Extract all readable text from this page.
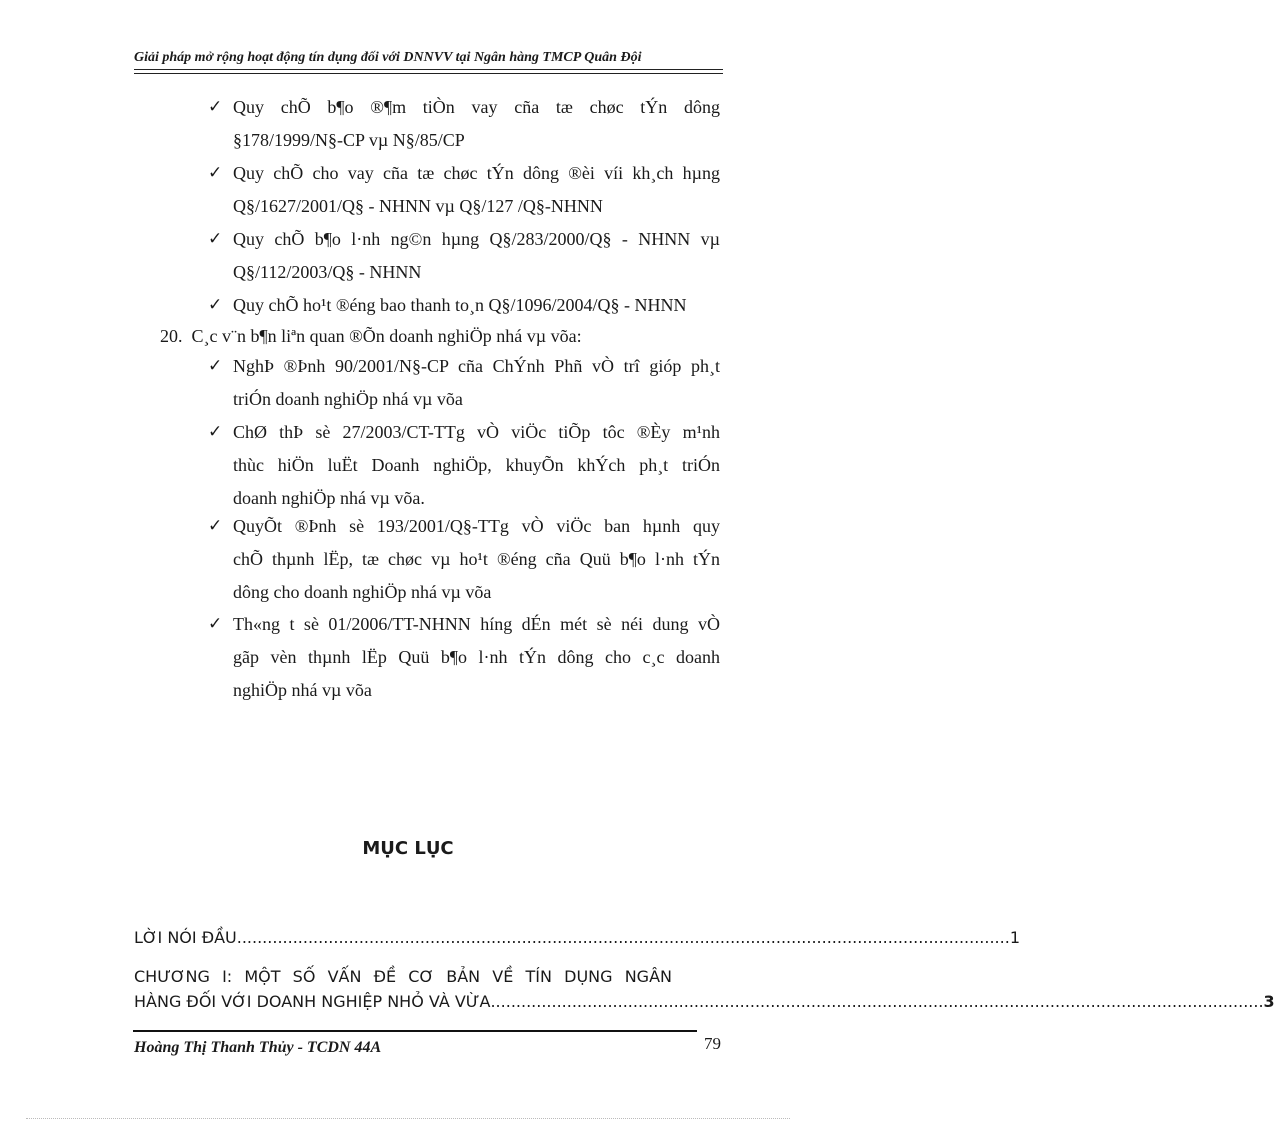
Giải pháp mở rộng hoạt động tín dụng đối với DNNVV tại Ngân hàng TMCP Quân Đội
✓ Quy chÕ b¶o ®¶m tiÒn vay cña tæ chøc tÝn dông
§178/1999/N§-CP vµ N§/85/CP
✓ Quy chÕ cho vay cña tæ chøc tÝn dông ®èi víi kh¸ch hµng
Q§/1627/2001/Q§ - NHNN vµ Q§/127 /Q§-NHNN
✓ Quy chÕ b¶o l·nh ng©n hµng Q§/283/2000/Q§ - NHNN vµ
Q§/112/2003/Q§ - NHNN
✓ Quy chÕ ho¹t ®éng bao thanh to¸n Q§/1096/2004/Q§ - NHNN
20. C¸c v¨n b¶n liªn quan ®Õn doanh nghiÖp nhá vµ võa:
✓ NghÞ ®Þnh 90/2001/N§-CP cña ChÝnh Phñ vÒ trî gióp ph¸t
triÓn doanh nghiÖp nhá vµ võa
✓ ChØ thÞ sè 27/2003/CT-TTg vÒ viÖc tiÕp tôc ®Èy m¹nh
thùc hiÖn luËt Doanh nghiÖp, khuyÕn khÝch ph¸t triÓn
doanh nghiÖp nhá vµ võa.
✓ QuyÕt ®Þnh sè 193/2001/Q§-TTg vÒ viÖc ban hµnh quy
chÕ thµnh lËp, tæ chøc vµ ho¹t ®éng cña Quü b¶o l·nh tÝn
dông cho doanh nghiÖp nhá vµ võa
✓ Th«ng t sè 01/2006/TT-NHNN híng dÉn mét sè néi dung vÒ
gãp vèn thµnh lËp Quü b¶o l·nh tÝn dông cho c¸c doanh
nghiÖp nhá vµ võa
MỤC LỤC
LỜI NÓI ĐẦU ........................................................................................................................................................ 1
CHƯƠNG I: MỘT SỐ VẤN ĐỀ CƠ BẢN VỀ TÍN DỤNG NGÂN
HÀNG ĐỐI VỚI DOANH NGHIỆP NHỎ VÀ VỪA ........................................................................................................................................................ 3
Hoàng Thị Thanh Thủy - TCDN 44A	79
